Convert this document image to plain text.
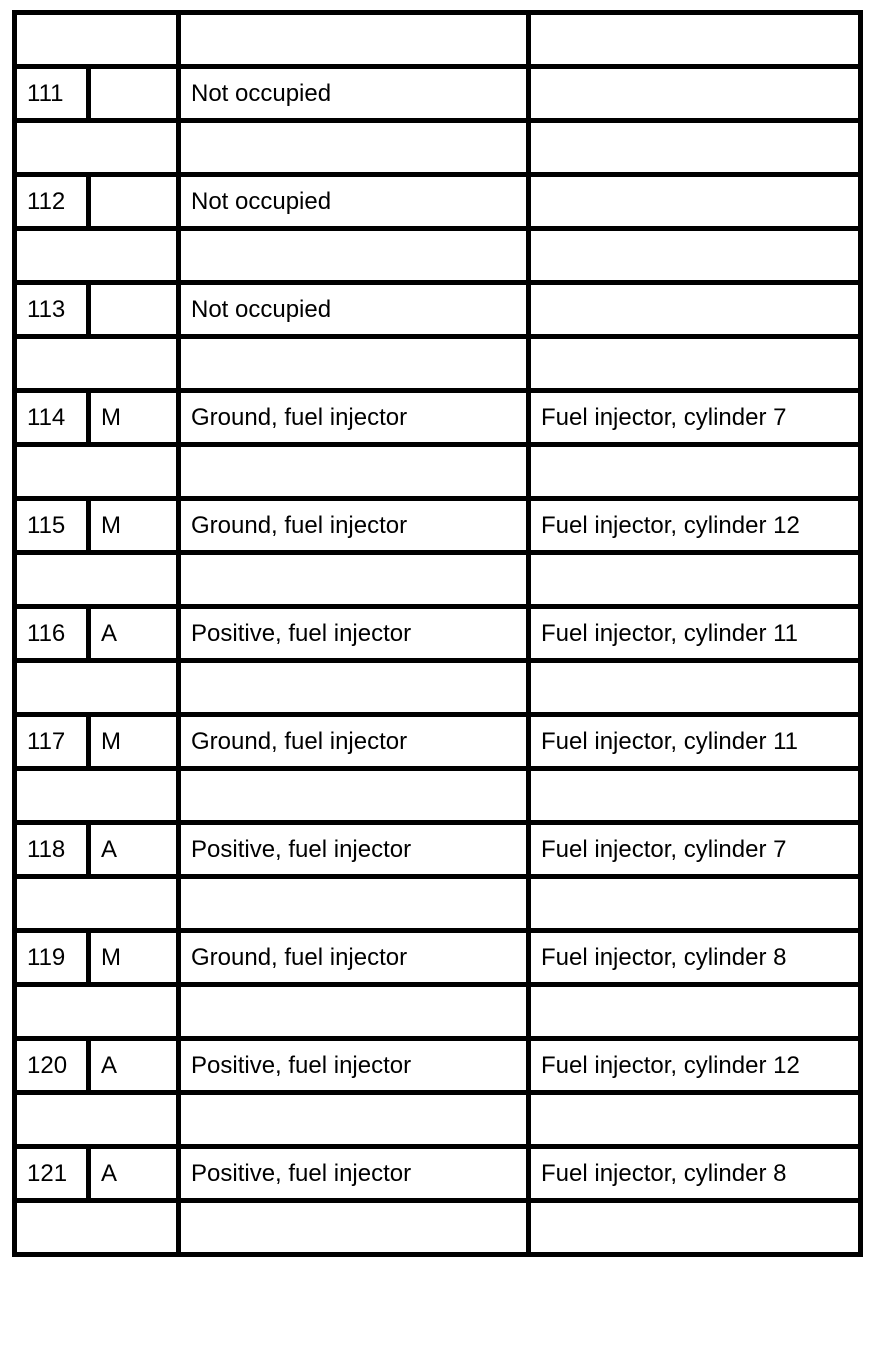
111		Not occupied	

112		Not occupied	

113		Not occupied	

114	M	Ground, fuel injector	Fuel injector, cylinder 7

115	M	Ground, fuel injector	Fuel injector, cylinder 12

116	A	Positive, fuel injector	Fuel injector, cylinder 11

117	M	Ground, fuel injector	Fuel injector, cylinder 11

118	A	Positive, fuel injector	Fuel injector, cylinder 7

119	M	Ground, fuel injector	Fuel injector, cylinder 8

120	A	Positive, fuel injector	Fuel injector, cylinder 12

121	A	Positive, fuel injector	Fuel injector, cylinder 8
